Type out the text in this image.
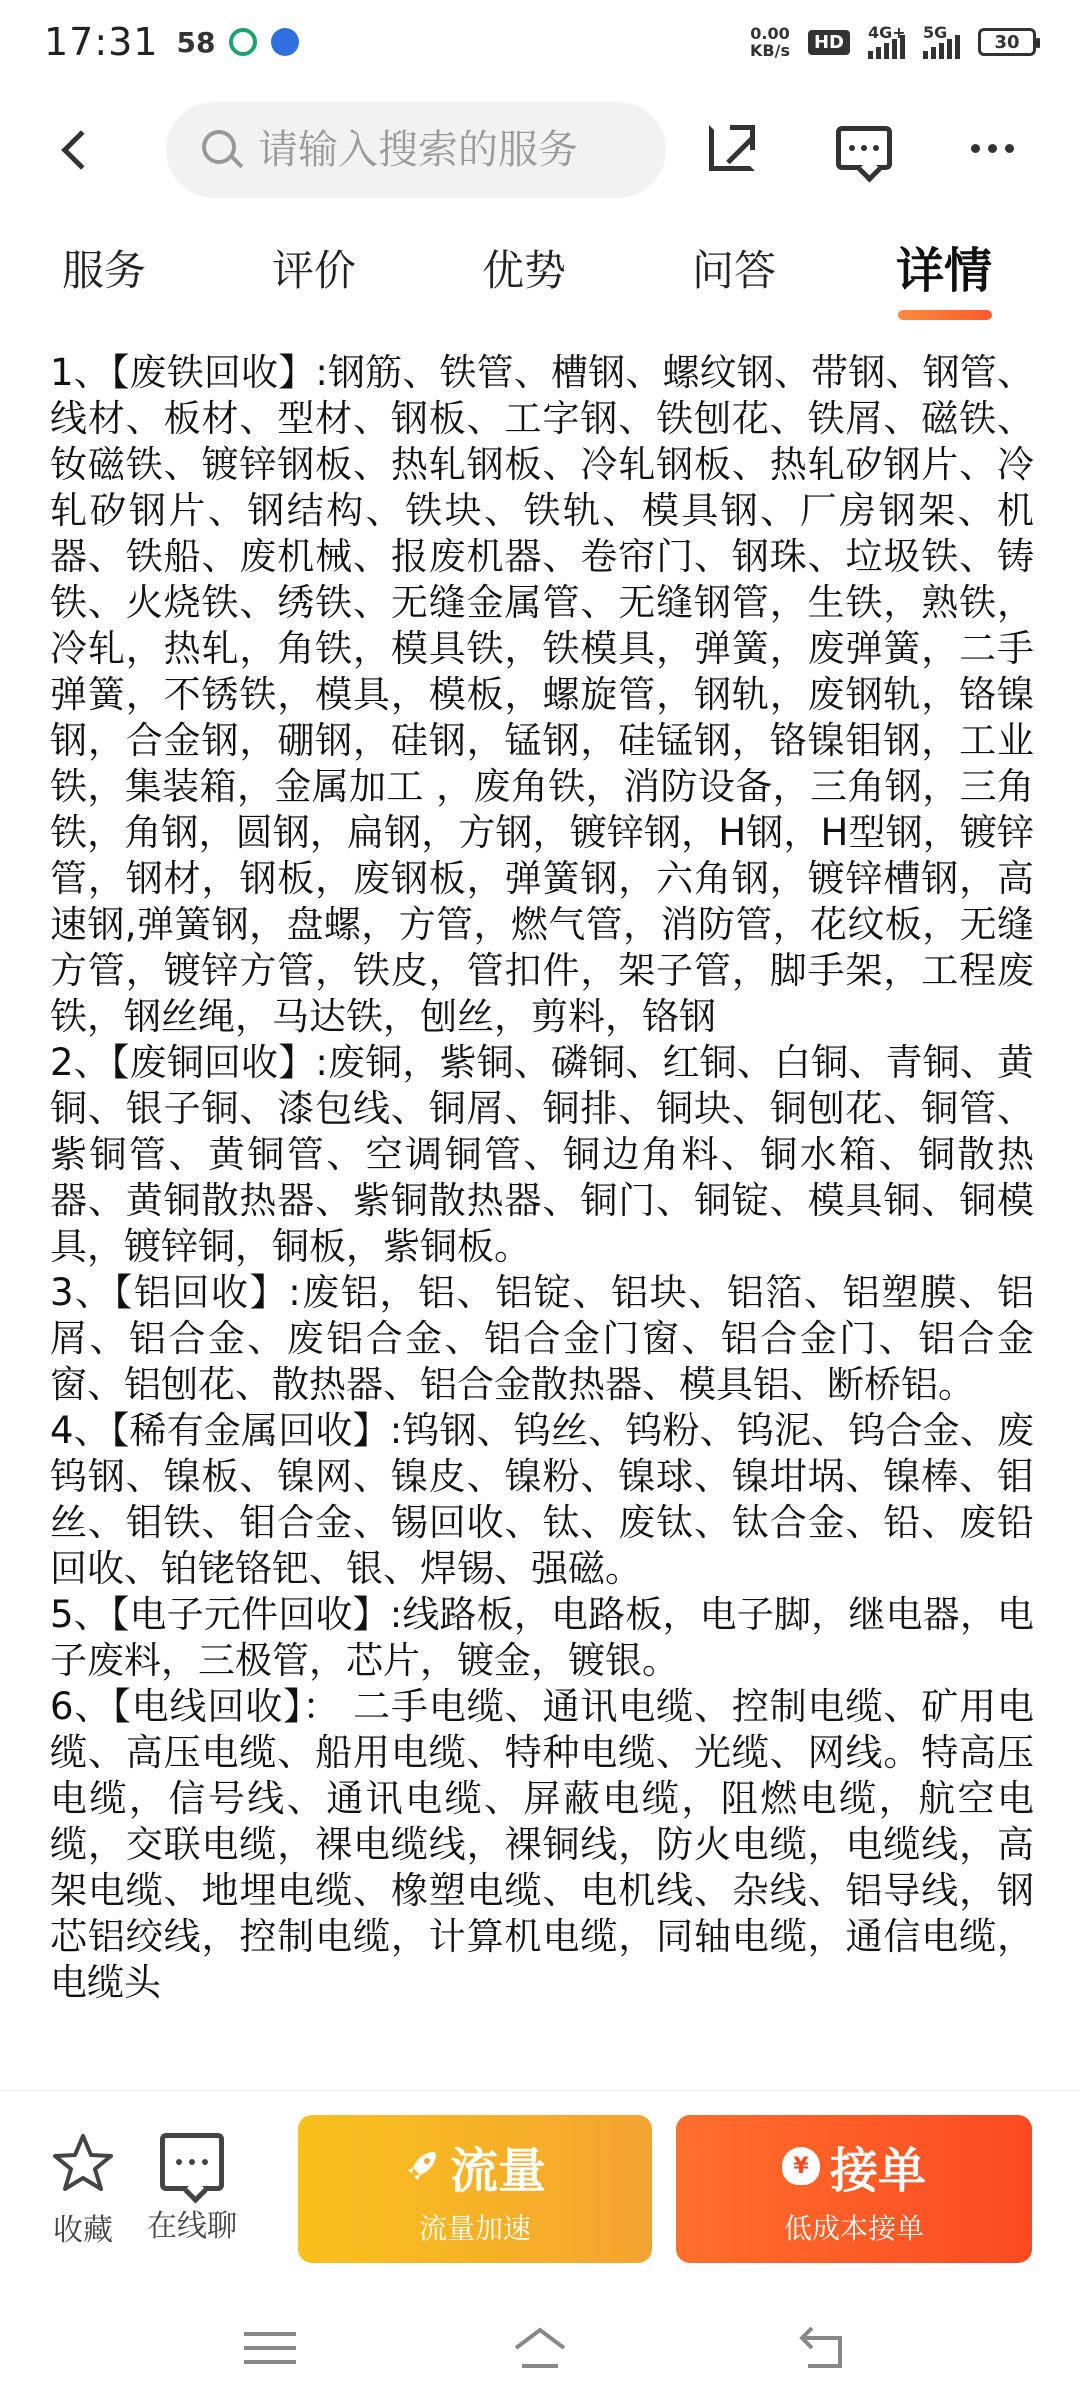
17:31 58	0.00
KB/s	HD	4G+ 5G	30
请输入搜索的服务
服务	评价	优势	问答 详情

1、【废铁回收】:钢筋、铁管、槽钢、螺纹钢、带钢、钢管、线材、板材、型材、钢板、工字钢、铁刨花、铁屑、磁铁、钕磁铁、镀锌钢板、热轧钢板、冷轧钢板、热轧矽钢片、冷轧矽钢片、钢结构、铁块、铁轨、模具钢、厂房钢架、机器、铁船、废机械、报废机器、卷帘门、钢珠、垃圾铁、铸铁、火烧铁、绣铁、无缝金属管、无缝钢管，生铁，熟铁，冷轧，热轧，角铁，模具铁，铁模具，弹簧，废弹簧，二手弹簧，不锈铁，模具，模板，螺旋管，钢轨，废钢轨，铬镍钢，合金钢，硼钢，硅钢，锰钢，硅锰钢，铬镍钼钢，工业铁，集装箱，金属加工 ，废角铁，消防设备，三角钢，三角铁，角钢，圆钢，扁钢，方钢，镀锌钢，H钢，H型钢，镀锌管，钢材，钢板，废钢板，弹簧钢，六角钢，镀锌槽钢，高速钢,弹簧钢，盘螺，方管，燃气管，消防管，花纹板，无缝方管，镀锌方管，铁皮，管扣件，架子管，脚手架，工程废铁，钢丝绳，马达铁，刨丝，剪料，铬钢

2、【废铜回收】:废铜，紫铜、磷铜、红铜、白铜、青铜、黄铜、银子铜、漆包线、铜屑、铜排、铜块、铜刨花、铜管、紫铜管、黄铜管、空调铜管、铜边角料、铜水箱、铜散热器、黄铜散热器、紫铜散热器、铜门、铜锭、模具铜、铜模具，镀锌铜，铜板，紫铜板。

3、【铝回收】:废铝，铝、铝锭、铝块、铝箔、铝塑膜、铝屑、铝合金、废铝合金、铝合金门窗、铝合金门、铝合金窗、铝刨花、散热器、铝合金散热器、模具铝、断桥铝。

4、【稀有金属回收】:钨钢、钨丝、钨粉、钨泥、钨合金、废钨钢、镍板、镍网、镍皮、镍粉、镍球、镍坩埚、镍棒、钼丝、钼铁、钼合金、锡回收、钛、废钛、钛合金、铅、废铅回收、铂铑铬钯、银、焊锡、强磁。

5、【电子元件回收】:线路板，电路板，电子脚，继电器，电子废料，三极管，芯片，镀金，镀银。

6、【电线回收】： 二手电缆、通讯电缆、控制电缆、矿用电缆、高压电缆、船用电缆、特种电缆、光缆、网线。特高压电缆，信号线、通讯电缆、屏蔽电缆，阻燃电缆，航空电缆，交联电缆，裸电缆线，裸铜线，防火电缆，电缆线，高架电缆、地埋电缆、橡塑电缆、电机线、杂线、铝导线，钢芯铝绞线，控制电缆，计算机电缆，同轴电缆，通信电缆，电缆头

收藏 在线聊
流量
流量加速
¥ 接单
低成本接单
